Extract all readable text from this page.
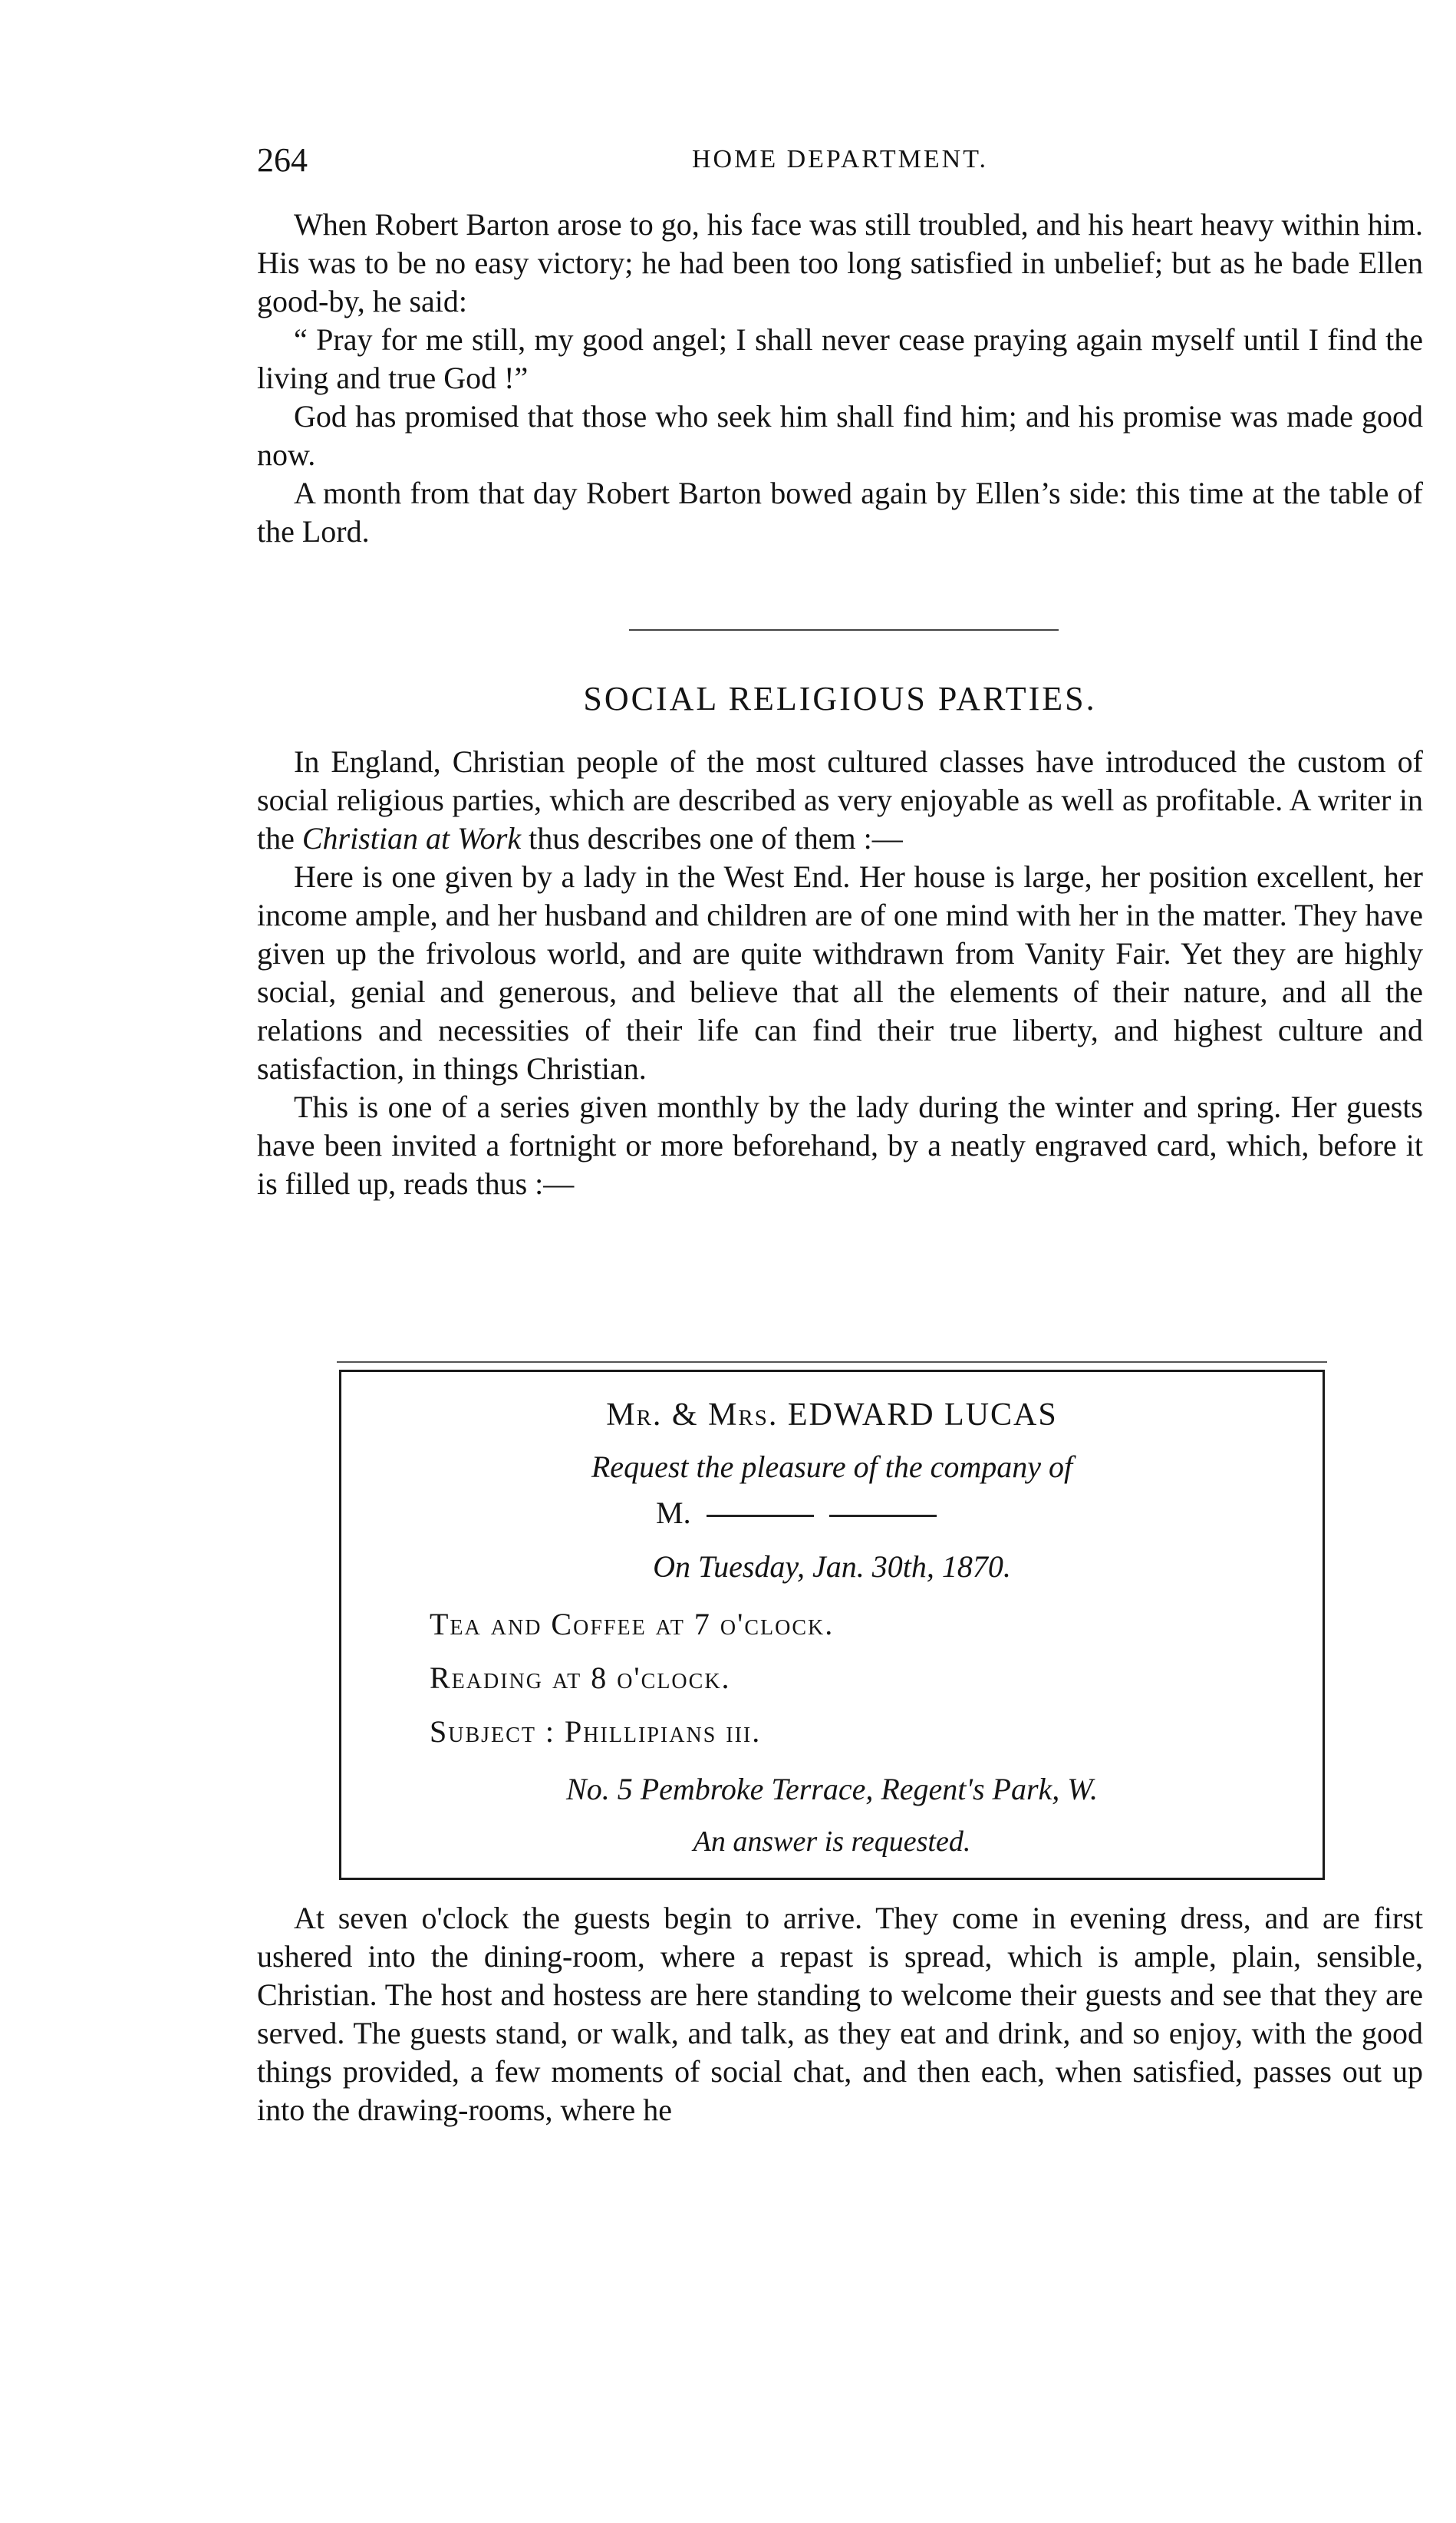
264	HOME DEPARTMENT.

When Robert Barton arose to go, his face was still troubled, and his heart heavy within him. His was to be no easy victory; he had been too long satisfied in unbelief; but as he bade Ellen good-by, he said:

“ Pray for me still, my good angel; I shall never cease praying again myself until I find the living and true God !”

God has promised that those who seek him shall find him; and his promise was made good now.

A month from that day Robert Barton bowed again by Ellen’s side: this time at the table of the Lord.

SOCIAL RELIGIOUS PARTIES.

In England, Christian people of the most cultured classes have introduced the custom of social religious parties, which are described as very enjoyable as well as profitable. A writer in the Christian at Work thus describes one of them :—

Here is one given by a lady in the West End. Her house is large, her position excellent, her income ample, and her husband and children are of one mind with her in the matter. They have given up the frivolous world, and are quite withdrawn from Vanity Fair. Yet they are highly social, genial and generous, and believe that all the elements of their nature, and all the relations and necessities of their life can find their true liberty, and highest culture and satisfaction, in things Christian.

This is one of a series given monthly by the lady during the winter and spring. Her guests have been invited a fortnight or more beforehand, by a neatly engraved card, which, before it is filled up, reads thus :—

Mr. & Mrs. EDWARD LUCAS
Request the pleasure of the company of
M.
On Tuesday, Jan. 30th, 1870.
Tea and Coffee at 7 o'clock.
Reading at 8 o'clock.
Subject : Phillipians iii.
No. 5 Pembroke Terrace, Regent's Park, W.
An answer is requested.

At seven o'clock the guests begin to arrive. They come in evening dress, and are first ushered into the dining-room, where a repast is spread, which is ample, plain, sensible, Christian. The host and hostess are here standing to welcome their guests and see that they are served. The guests stand, or walk, and talk, as they eat and drink, and so enjoy, with the good things provided, a few moments of social chat, and then each, when satisfied, passes out up into the drawing-rooms, where he
